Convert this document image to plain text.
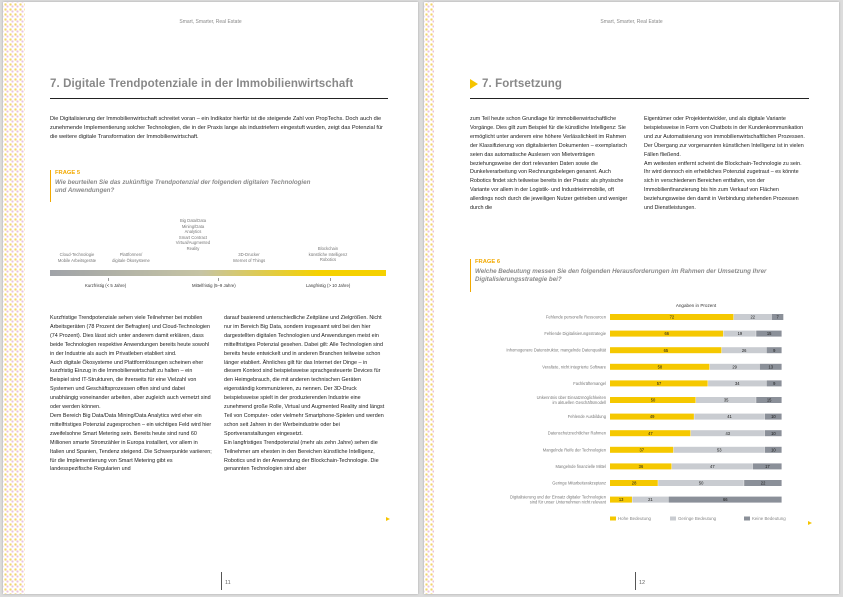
Smart, Smarter, Real Estate
7. Digitale Trendpotenziale in der Immobilienwirtschaft

Die Digitalisierung der Immobilienwirtschaft schreitet voran – ein Indikator hierfür ist die steigende Zahl von PropTechs. Doch auch die zunehmende Implementierung solcher Technologien, die in der Praxis lange als industriefern eingestuft wurden, zeigt das Potenzial für die weitere digitale Transformation der Immobilienwirtschaft.

FRAGE 5

Wie beurteilen Sie das zukünftige Trendpotenzial der folgenden digitalen Technologien und Anwendungen?

Cloud-Technologie
Mobile Arbeitsgeräte
Plattformen/
digitale Ökosysteme
Big Data/Data
Mining/Data
Analytics
Smart Contract
Virtual/Augmented
Reality
3D-Drucker
Internet of Things
Blockchain
künstliche Intelligenz
Robotics
Kurzfristig (< 5 Jahre)	Mittelfristig (5–9 Jahre)	Langfristig (> 10 Jahre)

Kurzfristige Trendpotenziale sehen viele Teilnehmer bei mobilen Arbeitsgeräten (78 Prozent der Befragten) und Cloud-Technologien (74 Prozent). Dies lässt sich unter anderem damit erklären, dass beide Technologien respektive Anwendungen bereits heute sowohl in der Industrie als auch im Privatleben etabliert sind.
Auch digitale Ökosysteme und Plattformlösungen scheinen eher kurzfristig Einzug in die Immobilienwirtschaft zu halten – ein Beispiel sind IT-Strukturen, die ihrerseits für eine Vielzahl von Systemen und Geschäftsprozessen offen sind und dabei unabhängig voneinander arbeiten, aber zugleich auch vernetzt sind oder werden können.
Dem Bereich Big Data/Data Mining/Data Analytics wird eher ein mittelfristiges Potenzial zugesprochen – ein wichtiges Feld wird hier zweifelsohne Smart Metering sein. Bereits heute sind rund 60 Millionen smarte Stromzähler in Europa installiert, vor allem in Italien und Spanien, Tendenz steigend. Die Schwerpunkte variieren; für die Implementierung von Smart Metering gibt es landesspezifische Regularien und

darauf basierend unterschiedliche Zeitpläne und Zielgrößen. Nicht nur im Bereich Big Data, sondern insgesamt wird bei den hier dargestellten digitalen Technologien und Anwendungen meist ein mittelfristiges Potenzial gesehen. Dabei gilt: Alle Technologien sind bereits heute entwickelt und in anderen Branchen teilweise schon länger etabliert. Ähnliches gilt für das Internet der Dinge – in diesem Kontext sind beispielsweise sprachgesteuerte Devices für den Heimgebrauch, die mit anderen technischen Geräten eigenständig kommunizieren, zu nennen. Der 3D-Druck beispielsweise spielt in der produzierenden Industrie eine zunehmend große Rolle, Virtual und Augmented Reality sind längst Teil von Computer- oder vielmehr Smartphone-Spielen und werden schon seit Jahren in der Werbeindustrie oder bei Sportveranstaltungen eingesetzt.
Ein langfristiges Trendpotenzial (mehr als zehn Jahre) sehen die Teilnehmer am ehesten in den Bereichen künstliche Intelligenz, Robotics und in der Anwendung der Blockchain-Technologie. Die genannten Technologien sind aber

11
Smart, Smarter, Real Estate
7. Fortsetzung

zum Teil heute schon Grundlage für immobilienwirtschaftliche Vorgänge. Dies gilt zum Beispiel für die künstliche Intelligenz: Sie ermöglicht unter anderem eine höhere Verlässlichkeit im Rahmen der Klassifizierung von digitalisierten Dokumenten – exemplarisch seien das automatische Auslesen von Mietverträgen beziehungsweise der dort relevanten Daten sowie die Dunkelverarbeitung von Rechnungsbelegen genannt. Auch Robotics findet sich teilweise bereits in der Praxis: als physische Variante vor allem in der Logistik- und Industrieimmobilie, oft allerdings noch durch die jeweiligen Nutzer getrieben und weniger durch die

Eigentümer oder Projektentwickler, und als digitale Variante beispielsweise in Form von Chatbots in der Kundenkommunikation und zur Automatisierung von immobilienwirtschaftlichen Prozessen. Der Übergang zur vorgenannten künstlichen Intelligenz ist in vielen Fällen fließend.
Am weitesten entfernt scheint die Blockchain-Technologie zu sein. Ihr wird dennoch ein erhebliches Potenzial zugetraut – es könnte sich in verschiedenen Bereichen entfalten, von der Immobilienfinanzierung bis hin zum Verkauf von Flächen beziehungsweise den damit in Verbindung stehenden Prozessen und Dienstleistungen.

FRAGE 6

Welche Bedeutung messen Sie den folgenden Herausforderungen im Rahmen der Umsetzung Ihrer Digitalisierungsstrategie bei?

Angaben in Prozent
Fehlende personelle Ressourcen	72	22	7
Fehlende Digitalisierungsstrategie	66	19	15
Inhomogenere Datenstruktur, mangelnde Datenqualität	65	26	9
Veraltete, nicht integrierte Software	58	29	13
Fachkräftemangel	57	34	9
Unkenntnis über Einsatzmöglichkeiten
im aktuellen Geschäftsmodell	50	35	15
Fehlende Ausbildung	49	41	10
Datenschutzrechtlicher Rahmen	47	43	10
Mangelnde Reife der Technologien	37	53	10
Mangelnde finanzielle Mittel	36	47	17
Geringe Mitarbeiterakzeptanz	28	50	22
Digitalisierung und der Einsatz digitaler Technologien
sind für unser Unternehmen nicht relevant	13	21	66
Hohe Bedeutung	Geringe Bedeutung	Keine Bedeutung
12
